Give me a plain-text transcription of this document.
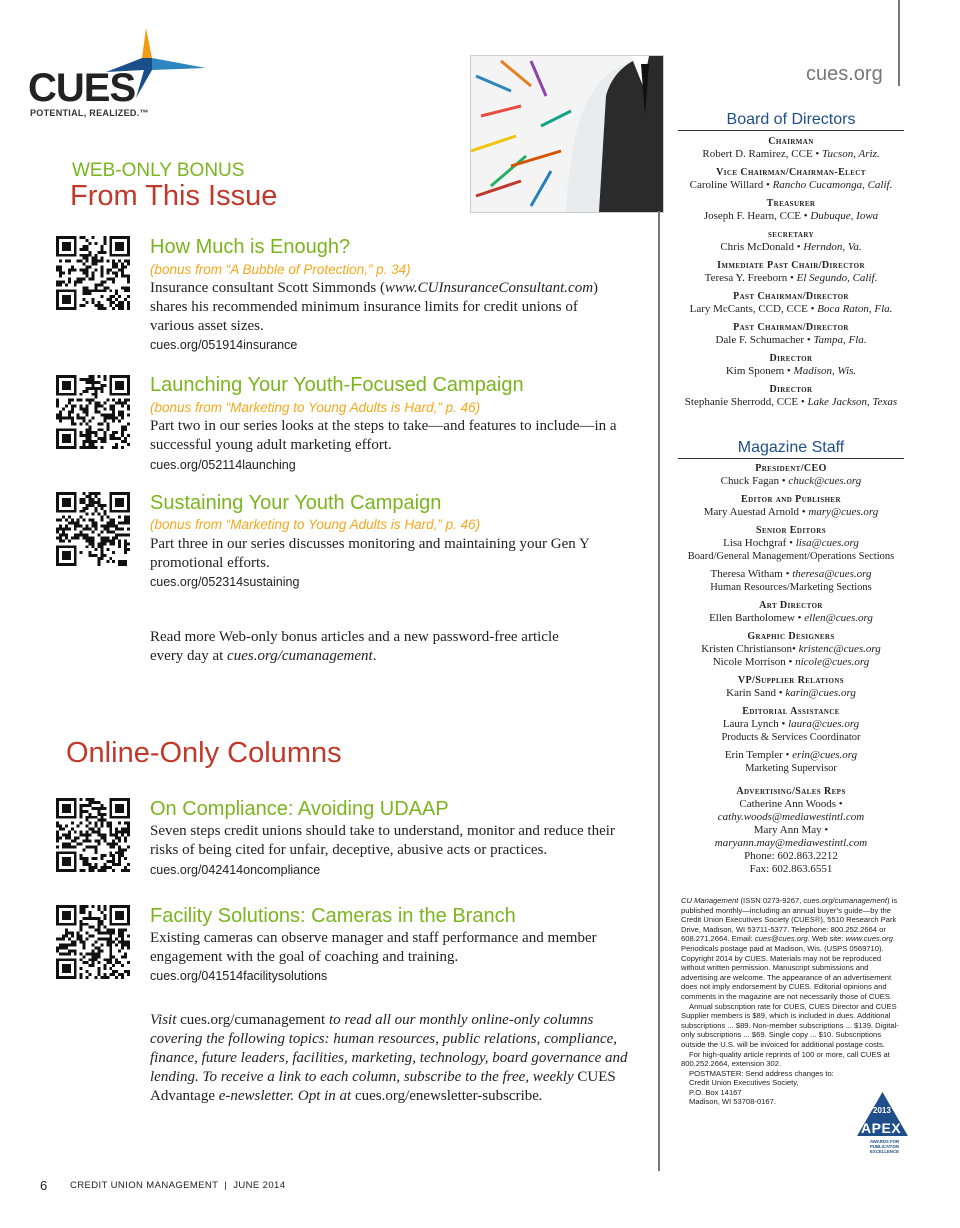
CUES
POTENTIAL, REALIZED.™
cues.org
WEB-ONLY BONUS
From This Issue
How Much is Enough?
(bonus from “A Bubble of Protection,” p. 34)
Insurance consultant Scott Simmonds (www.CUInsuranceConsultant.com) shares his recommended minimum insurance limits for credit unions of various asset sizes.
cues.org/051914insurance
Launching Your Youth-Focused Campaign
(bonus from “Marketing to Young Adults is Hard,” p. 46)
Part two in our series looks at the steps to take—and features to include—in a successful young adult marketing effort.
cues.org/052114launching
Sustaining Your Youth Campaign
(bonus from “Marketing to Young Adults is Hard,” p. 46)
Part three in our series discusses monitoring and maintaining your Gen Y promotional efforts.
cues.org/052314sustaining
Read more Web-only bonus articles and a new password-free article every day at cues.org/cumanagement.
Online-Only Columns
On Compliance: Avoiding UDAAP
Seven steps credit unions should take to understand, monitor and reduce their risks of being cited for unfair, deceptive, abusive acts or practices.
cues.org/042414oncompliance
Facility Solutions: Cameras in the Branch
Existing cameras can observe manager and staff performance and member engagement with the goal of coaching and training.
cues.org/041514facilitysolutions
Visit cues.org/cumanagement to read all our monthly online-only columns covering the following topics: human resources, public relations, compliance, finance, future leaders, facilities, marketing, technology, board governance and lending. To receive a link to each column, subscribe to the free, weekly CUES Advantage e-newsletter. Opt in at cues.org/enewsletter-subscribe.
Board of Directors
Chairman
Robert D. Ramirez, CCE • Tucson, Ariz.
Vice Chairman/Chairman-Elect
Caroline Willard • Rancho Cucamonga, Calif.
Treasurer
Joseph F. Hearn, CCE • Dubuque, Iowa
secretary
Chris McDonald • Herndon, Va.
Immediate Past Chair/Director
Teresa Y. Freeborn • El Segundo, Calif.
Past Chairman/Director
Lary McCants, CCD, CCE • Boca Raton, Fla.
Past Chairman/Director
Dale F. Schumacher • Tampa, Fla.
Director
Kim Sponem • Madison, Wis.
Director
Stephanie Sherrodd, CCE • Lake Jackson, Texas
Magazine Staff
President/CEO
Chuck Fagan • chuck@cues.org
Editor and Publisher
Mary Auestad Arnold • mary@cues.org
Senior Editors
Lisa Hochgraf • lisa@cues.org
Board/General Management/Operations Sections
Theresa Witham • theresa@cues.org
Human Resources/Marketing Sections
Art Director
Ellen Bartholomew • ellen@cues.org
Graphic Designers
Kristen Christianson• kristenc@cues.org
Nicole Morrison • nicole@cues.org
VP/Supplier Relations
Karin Sand • karin@cues.org
Editorial Assistance
Laura Lynch • laura@cues.org
Products & Services Coordinator
Erin Templer • erin@cues.org
Marketing Supervisor
Advertising/Sales Reps
Catherine Ann Woods •
cathy.woods@mediawestintl.com
Mary Ann May •
maryann.may@mediawestintl.com
Phone: 602.863.2212
Fax: 602.863.6551
CU Management (ISSN 0273-9267, cues.org/cumanagement) is published monthly—including an annual buyer’s guide—by the Credit Union Executives Society (CUES®), 5510 Research Park Drive, Madison, WI 53711-5377. Telephone: 800.252.2664 or 608.271.2664. Email: cues@cues.org. Web site: www.cues.org. Periodicals postage paid at Madison, Wis. (USPS 0569710). Copyright 2014 by CUES. Materials may not be reproduced without written permission. Manuscript submissions and advertising are welcome. The appearance of an advertisement does not imply endorsement by CUES. Editorial opinions and comments in the magazine are not necessarily those of CUES.
Annual subscription rate for CUES, CUES Director and CUES Supplier members is $89, which is included in dues. Additional subscriptions ... $89. Non-member subscriptions ... $139. Digital-only subscriptions ... $69. Single copy ... $10. Subscriptions outside the U.S. will be invoiced for additional postage costs.
For high-quality article reprints of 100 or more, call CUES at 800.252.2664, extension 302.
POSTMASTER: Send address changes to:
Credit Union Executives Society,
P.O. Box 14167
Madison, WI 53708-0167.
2013
APEX
AWARDS FOR PUBLICATION EXCELLENCE
6 CREDIT UNION MANAGEMENT  |  JUNE 2014
